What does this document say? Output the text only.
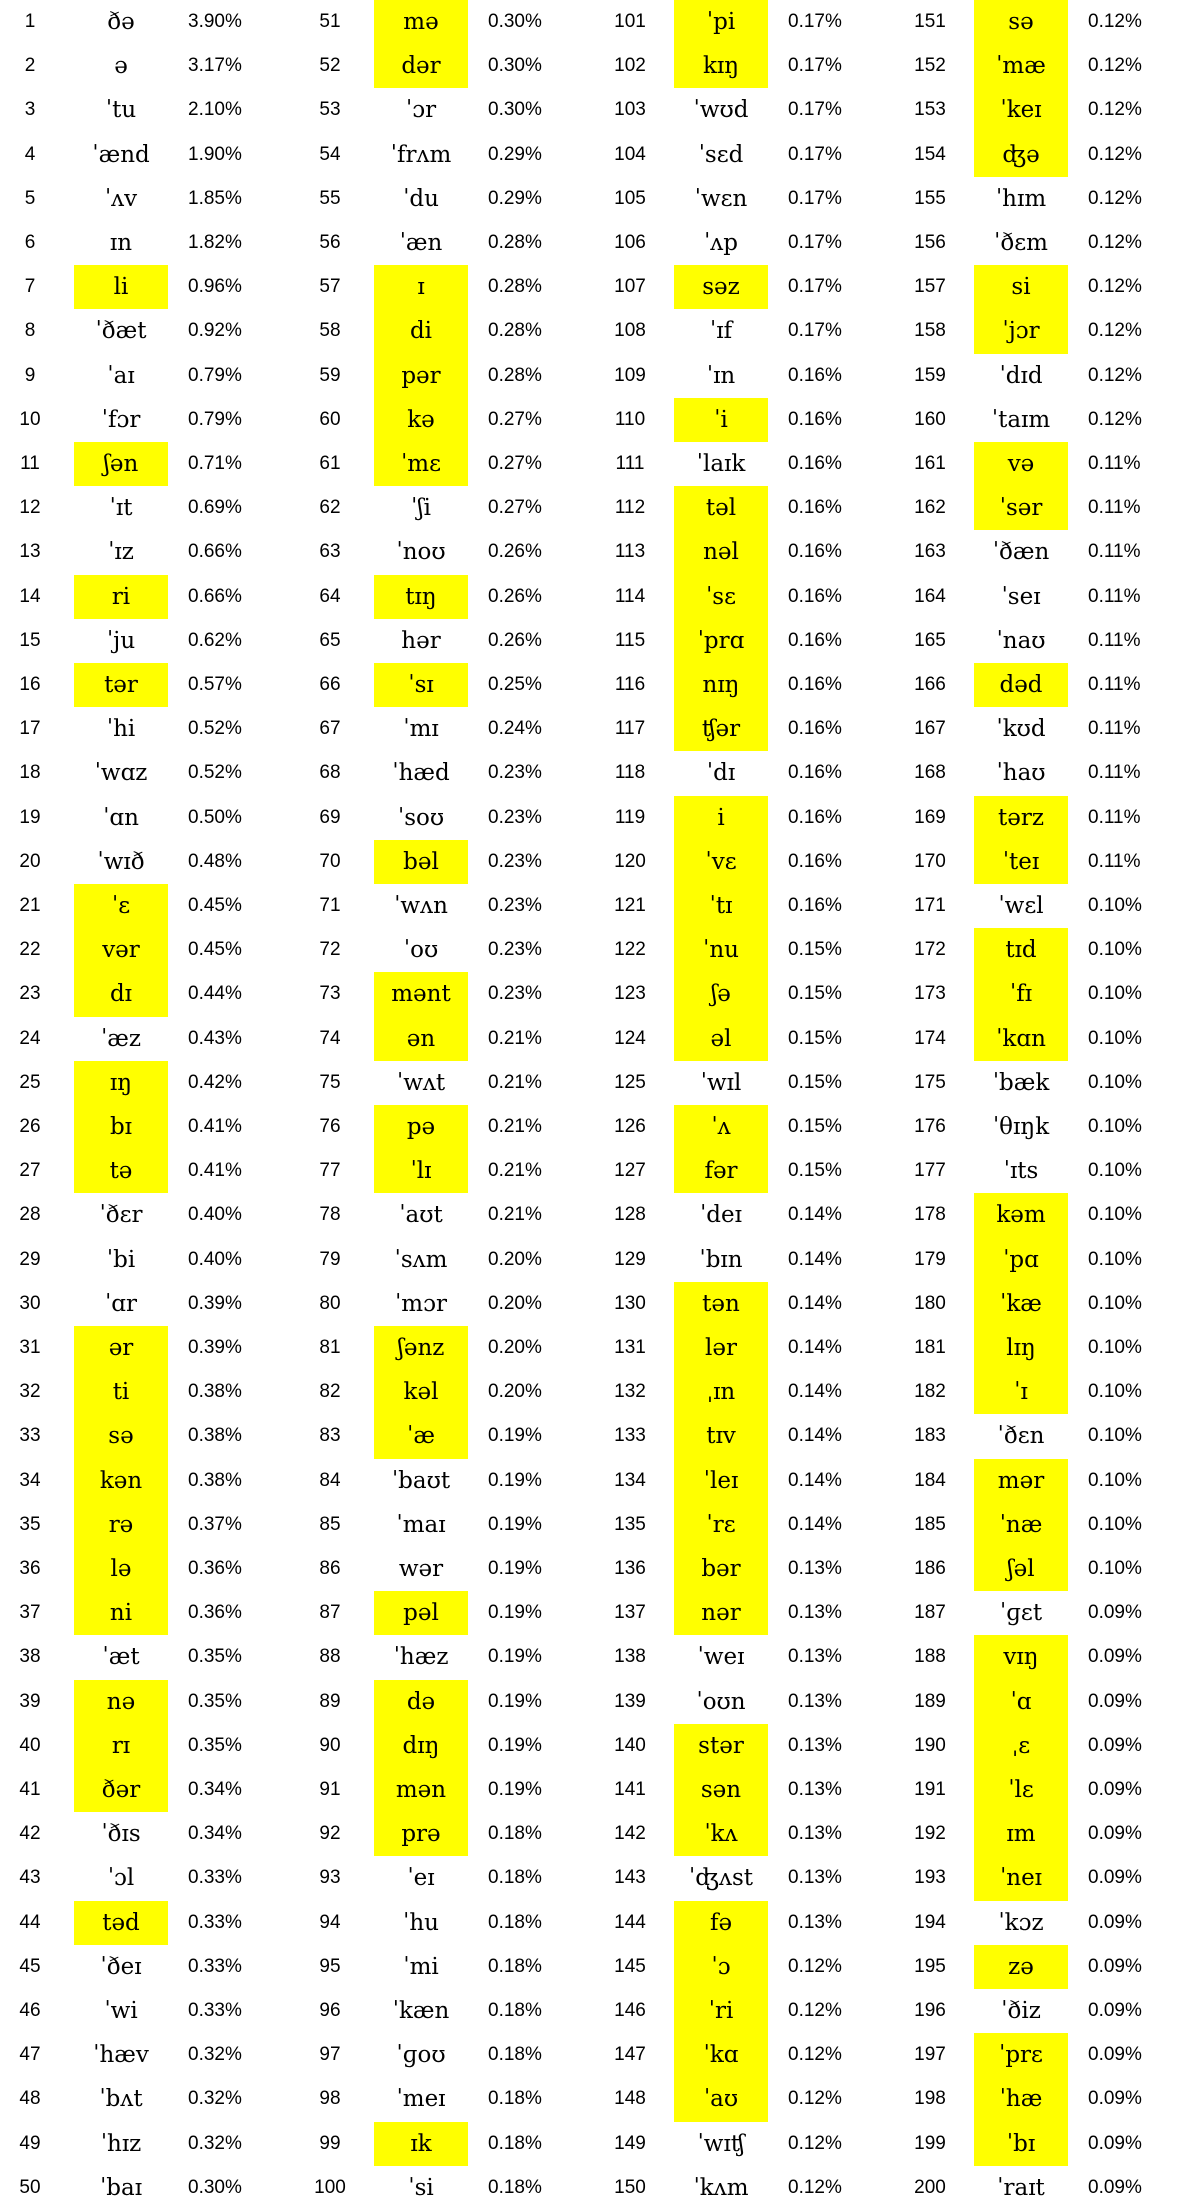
1	ðə	3.90%
2	ə	3.17%
3	ˈtu	2.10%
4	ˈænd	1.90%
5	ˈʌv	1.85%
6	ɪn	1.82%
7	li	0.96%
8	ˈðæt	0.92%
9	ˈaɪ	0.79%
10	ˈfɔr	0.79%
11	ʃən	0.71%
12	ˈɪt	0.69%
13	ˈɪz	0.66%
14	ri	0.66%
15	ˈju	0.62%
16	tər	0.57%
17	ˈhi	0.52%
18	ˈwɑz	0.52%
19	ˈɑn	0.50%
20	ˈwɪð	0.48%
21	ˈɛ	0.45%
22	vər	0.45%
23	dɪ	0.44%
24	ˈæz	0.43%
25	ɪŋ	0.42%
26	bɪ	0.41%
27	tə	0.41%
28	ˈðɛr	0.40%
29	ˈbi	0.40%
30	ˈɑr	0.39%
31	ər	0.39%
32	ti	0.38%
33	sə	0.38%
34	kən	0.38%
35	rə	0.37%
36	lə	0.36%
37	ni	0.36%
38	ˈæt	0.35%
39	nə	0.35%
40	rɪ	0.35%
41	ðər	0.34%
42	ˈðɪs	0.34%
43	ˈɔl	0.33%
44	təd	0.33%
45	ˈðeɪ	0.33%
46	ˈwi	0.33%
47	ˈhæv	0.32%
48	ˈbʌt	0.32%
49	ˈhɪz	0.32%
50	ˈbaɪ	0.30%
51	mə	0.30%
52	dər	0.30%
53	ˈɔr	0.30%
54	ˈfrʌm	0.29%
55	ˈdu	0.29%
56	ˈæn	0.28%
57	ɪ	0.28%
58	di	0.28%
59	pər	0.28%
60	kə	0.27%
61	ˈmɛ	0.27%
62	ˈʃi	0.27%
63	ˈnoʊ	0.26%
64	tɪŋ	0.26%
65	hər	0.26%
66	ˈsɪ	0.25%
67	ˈmɪ	0.24%
68	ˈhæd	0.23%
69	ˈsoʊ	0.23%
70	bəl	0.23%
71	ˈwʌn	0.23%
72	ˈoʊ	0.23%
73	mənt	0.23%
74	ən	0.21%
75	ˈwʌt	0.21%
76	pə	0.21%
77	ˈlɪ	0.21%
78	ˈaʊt	0.21%
79	ˈsʌm	0.20%
80	ˈmɔr	0.20%
81	ʃənz	0.20%
82	kəl	0.20%
83	ˈæ	0.19%
84	ˈbaʊt	0.19%
85	ˈmaɪ	0.19%
86	wər	0.19%
87	pəl	0.19%
88	ˈhæz	0.19%
89	də	0.19%
90	dɪŋ	0.19%
91	mən	0.19%
92	prə	0.18%
93	ˈeɪ	0.18%
94	ˈhu	0.18%
95	ˈmi	0.18%
96	ˈkæn	0.18%
97	ˈɡoʊ	0.18%
98	ˈmeɪ	0.18%
99	ɪk	0.18%
100	ˈsi	0.18%
101	ˈpi	0.17%
102	kɪŋ	0.17%
103	ˈwʊd	0.17%
104	ˈsɛd	0.17%
105	ˈwɛn	0.17%
106	ˈʌp	0.17%
107	səz	0.17%
108	ˈɪf	0.17%
109	ˈɪn	0.16%
110	ˈi	0.16%
111	ˈlaɪk	0.16%
112	təl	0.16%
113	nəl	0.16%
114	ˈsɛ	0.16%
115	ˈprɑ	0.16%
116	nɪŋ	0.16%
117	ʧər	0.16%
118	ˈdɪ	0.16%
119	i	0.16%
120	ˈvɛ	0.16%
121	ˈtɪ	0.16%
122	ˈnu	0.15%
123	ʃə	0.15%
124	əl	0.15%
125	ˈwɪl	0.15%
126	ˈʌ	0.15%
127	fər	0.15%
128	ˈdeɪ	0.14%
129	ˈbɪn	0.14%
130	tən	0.14%
131	lər	0.14%
132	ˌɪn	0.14%
133	tɪv	0.14%
134	ˈleɪ	0.14%
135	ˈrɛ	0.14%
136	bər	0.13%
137	nər	0.13%
138	ˈweɪ	0.13%
139	ˈoʊn	0.13%
140	stər	0.13%
141	sən	0.13%
142	ˈkʌ	0.13%
143	ˈʤʌst	0.13%
144	fə	0.13%
145	ˈɔ	0.12%
146	ˈri	0.12%
147	ˈkɑ	0.12%
148	ˈaʊ	0.12%
149	ˈwɪʧ	0.12%
150	ˈkʌm	0.12%
151	sə	0.12%
152	ˈmæ	0.12%
153	ˈkeɪ	0.12%
154	ʤə	0.12%
155	ˈhɪm	0.12%
156	ˈðɛm	0.12%
157	si	0.12%
158	ˈjɔr	0.12%
159	ˈdɪd	0.12%
160	ˈtaɪm	0.12%
161	və	0.11%
162	ˈsər	0.11%
163	ˈðæn	0.11%
164	ˈseɪ	0.11%
165	ˈnaʊ	0.11%
166	dəd	0.11%
167	ˈkʊd	0.11%
168	ˈhaʊ	0.11%
169	tərz	0.11%
170	ˈteɪ	0.11%
171	ˈwɛl	0.10%
172	tɪd	0.10%
173	ˈfɪ	0.10%
174	ˈkɑn	0.10%
175	ˈbæk	0.10%
176	ˈθɪŋk	0.10%
177	ˈɪts	0.10%
178	kəm	0.10%
179	ˈpɑ	0.10%
180	ˈkæ	0.10%
181	lɪŋ	0.10%
182	ˈɪ	0.10%
183	ˈðɛn	0.10%
184	mər	0.10%
185	ˈnæ	0.10%
186	ʃəl	0.10%
187	ˈɡɛt	0.09%
188	vɪŋ	0.09%
189	ˈɑ	0.09%
190	ˌɛ	0.09%
191	ˈlɛ	0.09%
192	ɪm	0.09%
193	ˈneɪ	0.09%
194	ˈkɔz	0.09%
195	zə	0.09%
196	ˈðiz	0.09%
197	ˈprɛ	0.09%
198	ˈhæ	0.09%
199	ˈbɪ	0.09%
200	ˈraɪt	0.09%
